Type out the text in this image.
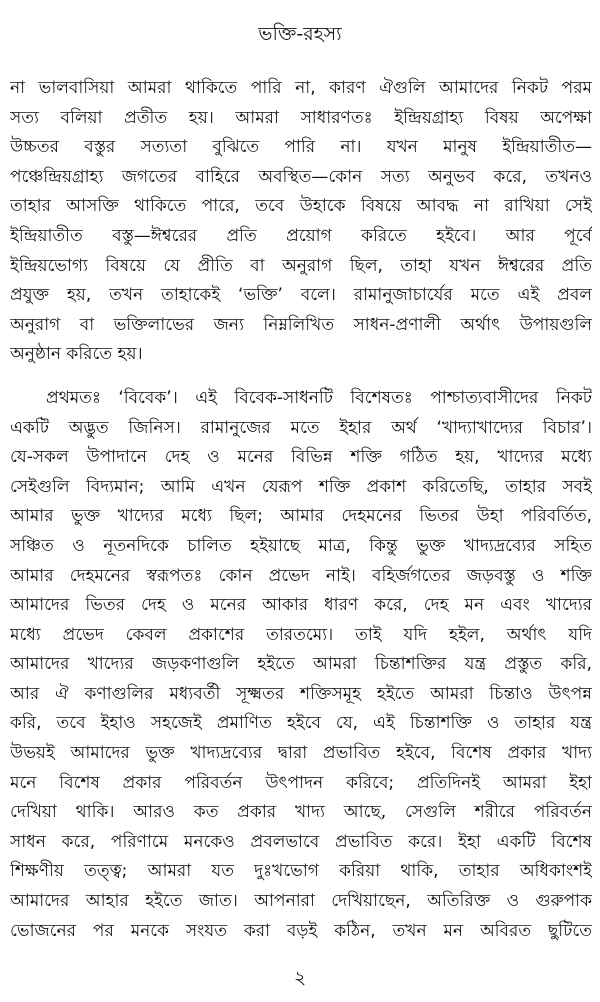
ভক্তি-রহস্য
না ভালবাসিয়া আমরা থাকিতে পারি না, কারণ ঐগুলি আমাদের নিকট পরম
সত্য বলিয়া প্রতীত হয়। আমরা সাধারণতঃ ইন্দ্রিয়গ্রাহ্য বিষয় অপেক্ষা
উচ্চতর বস্তুর সত্যতা বুঝিতে পারি না। যখন মানুষ ইন্দ্রিয়াতীত—
পঞ্চেন্দ্রিয়গ্রাহ্য জগতের বাহিরে অবস্থিত—কোন সত্য অনুভব করে, তখনও
তাহার আসক্তি থাকিতে পারে, তবে উহাকে বিষয়ে আবদ্ধ না রাখিয়া সেই
ইন্দ্রিয়াতীত বস্তু—ঈশ্বরের প্রতি প্রয়োগ করিতে হইবে। আর পূর্বে
ইন্দ্রিয়ভোগ্য বিষয়ে যে প্রীতি বা অনুরাগ ছিল, তাহা যখন ঈশ্বরের প্রতি
প্রযুক্ত হয়, তখন তাহাকেই ‘ভক্তি’ বলে। রামানুজাচার্যের মতে এই প্রবল
অনুরাগ বা ভক্তিলাভের জন্য নিম্নলিখিত সাধন-প্রণালী অর্থাৎ উপায়গুলি
অনুষ্ঠান করিতে হয়।
প্রথমতঃ ‘বিবেক’। এই বিবেক-সাধনটি বিশেষতঃ পাশ্চাত্যবাসীদের নিকট
একটি অদ্ভুত জিনিস। রামানুজের মতে ইহার অর্থ ‘খাদ্যাখাদ্যের বিচার’।
যে-সকল উপাদানে দেহ ও মনের বিভিন্ন শক্তি গঠিত হয়, খাদ্যের মধ্যে
সেইগুলি বিদ্যমান; আমি এখন যেরূপ শক্তি প্রকাশ করিতেছি, তাহার সবই
আমার ভুক্ত খাদ্যের মধ্যে ছিল; আমার দেহমনের ভিতর উহা পরিবর্তিত,
সঞ্চিত ও নূতনদিকে চালিত হইয়াছে মাত্র, কিন্তু ভুক্ত খাদ্যদ্রব্যের সহিত
আমার দেহমনের স্বরূপতঃ কোন প্রভেদ নাই। বহির্জগতের জড়বস্তু ও শক্তি
আমাদের ভিতর দেহ ও মনের আকার ধারণ করে, দেহ মন এবং খাদ্যের
মধ্যে প্রভেদ কেবল প্রকাশের তারতম্যে। তাই যদি হইল, অর্থাৎ যদি
আমাদের খাদ্যের জড়কণাগুলি হইতে আমরা চিন্তাশক্তির যন্ত্র প্রস্তুত করি,
আর ঐ কণাগুলির মধ্যবর্তী সূক্ষ্মতর শক্তিসমূহ হইতে আমরা চিন্তাও উৎপন্ন
করি, তবে ইহাও সহজেই প্রমাণিত হইবে যে, এই চিন্তাশক্তি ও তাহার যন্ত্র
উভয়ই আমাদের ভুক্ত খাদ্যদ্রব্যের দ্বারা প্রভাবিত হইবে, বিশেষ প্রকার খাদ্য
মনে বিশেষ প্রকার পরিবর্তন উৎপাদন করিবে; প্রতিদিনই আমরা ইহা
দেখিয়া থাকি। আরও কত প্রকার খাদ্য আছে, সেগুলি শরীরে পরিবর্তন
সাধন করে, পরিণামে মনকেও প্রবলভাবে প্রভাবিত করে। ইহা একটি বিশেষ
শিক্ষণীয় তত্ত্ব; আমরা যত দুঃখভোগ করিয়া থাকি, তাহার অধিকাংশই
আমাদের আহার হইতে জাত। আপনারা দেখিয়াছেন, অতিরিক্ত ও গুরুপাক
ভোজনের পর মনকে সংযত করা বড়ই কঠিন, তখন মন অবিরত ছুটিতে
২
